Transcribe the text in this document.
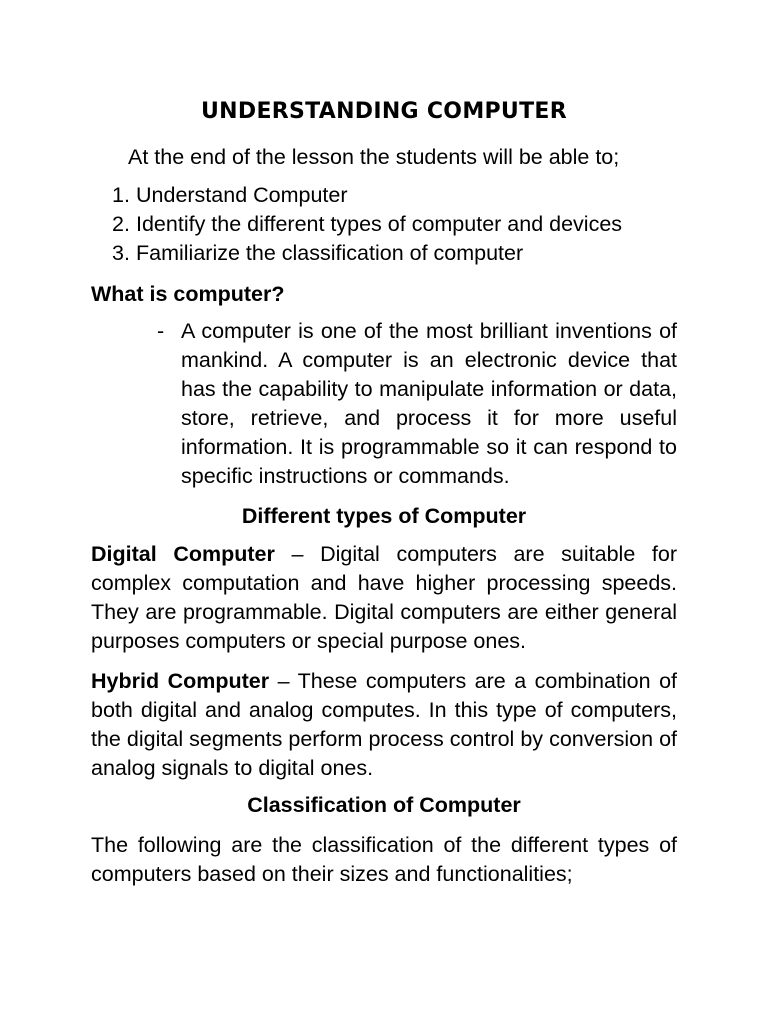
UNDERSTANDING COMPUTER
At the end of the lesson the students will be able to;
1. Understand Computer
2. Identify the different types of computer and devices
3. Familiarize the classification of computer
What is computer?
- A computer is one of the most brilliant inventions of mankind. A computer is an electronic device that has the capability to manipulate information or data, store, retrieve, and process it for more useful information. It is programmable so it can respond to specific instructions or commands.
Different types of Computer
Digital Computer – Digital computers are suitable for complex computation and have higher processing speeds. They are programmable. Digital computers are either general purposes computers or special purpose ones.
Hybrid Computer – These computers are a combination of both digital and analog computes. In this type of computers, the digital segments perform process control by conversion of analog signals to digital ones.
Classification of Computer
The following are the classification of the different types of computers based on their sizes and functionalities;
